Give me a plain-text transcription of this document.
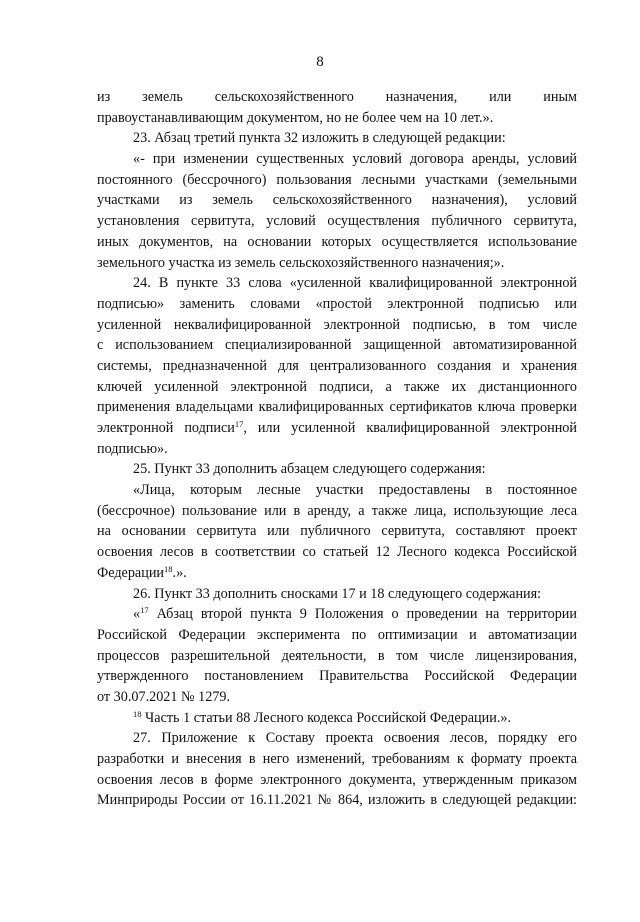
8
из земель сельскохозяйственного назначения, или иным
правоустанавливающим документом, но не более чем на 10 лет.».
23. Абзац третий пункта 32 изложить в следующей редакции:
«- при изменении существенных условий договора аренды, условий
постоянного (бессрочного) пользования лесными участками (земельными
участками из земель сельскохозяйственного назначения), условий
установления сервитута, условий осуществления публичного сервитута,
иных документов, на основании которых осуществляется использование
земельного участка из земель сельскохозяйственного назначения;».
24. В пункте 33 слова «усиленной квалифицированной электронной
подписью» заменить словами «простой электронной подписью или
усиленной неквалифицированной электронной подписью, в том числе
с использованием специализированной защищенной автоматизированной
системы, предназначенной для централизованного создания и хранения
ключей усиленной электронной подписи, а также их дистанционного
применения владельцами квалифицированных сертификатов ключа проверки
электронной подписи$^{17}$, или усиленной квалифицированной электронной
подписью».
25. Пункт 33 дополнить абзацем следующего содержания:
«Лица, которым лесные участки предоставлены в постоянное
(бессрочное) пользование или в аренду, а также лица, использующие леса
на основании сервитута или публичного сервитута, составляют проект
освоения лесов в соответствии со статьей 12 Лесного кодекса Российской
Федерации$^{18}$.».
26. Пункт 33 дополнить сносками 17 и 18 следующего содержания:
«$^{17}$ Абзац второй пункта 9 Положения о проведении на территории
Российской Федерации эксперимента по оптимизации и автоматизации
процессов разрешительной деятельности, в том числе лицензирования,
утвержденного постановлением Правительства Российской Федерации
от 30.07.2021 № 1279.
$^{18}$ Часть 1 статьи 88 Лесного кодекса Российской Федерации.».
27. Приложение к Составу проекта освоения лесов, порядку его
разработки и внесения в него изменений, требованиям к формату проекта
освоения лесов в форме электронного документа, утвержденным приказом
Минприроды России от 16.11.2021 № 864, изложить в следующей редакции:
